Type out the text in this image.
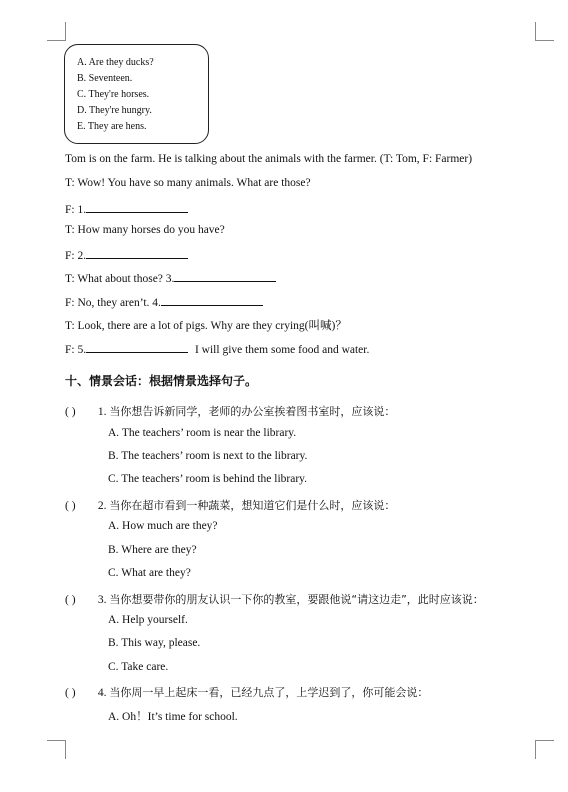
A. Are they ducks?
B. Seventeen.
C. They're horses.
D. They're hungry.
E. They are hens.
Tom is on the farm. He is talking about the animals with the farmer. (T: Tom, F: Farmer)
T: Wow! You have so many animals. What are those?
F: 1.
T: How many horses do you have?
F: 2.
T: What about those? 3.
F: No, they aren’t. 4.
T: Look, there are a lot of pigs. Why are they crying(叫喊)？
F: 5.	I will give them some food and water.
十、情景会话：根据情景选择句子。
( ) 1. 当你想告诉新同学，老师的办公室挨着图书室时，应该说：
A. The teachers’ room is near the library.
B. The teachers’ room is next to the library.
C. The teachers’ room is behind the library.
( ) 2. 当你在超市看到一种蔬菜，想知道它们是什么时，应该说：
A. How much are they?
B. Where are they?
C. What are they?
( ) 3. 当你想要带你的朋友认识一下你的教室，要跟他说“请这边走”，此时应该说：
A. Help yourself.
B. This way, please.
C. Take care.
( ) 4. 当你周一早上起床一看，已经九点了，上学迟到了，你可能会说：
A. Oh！It’s time for school.
